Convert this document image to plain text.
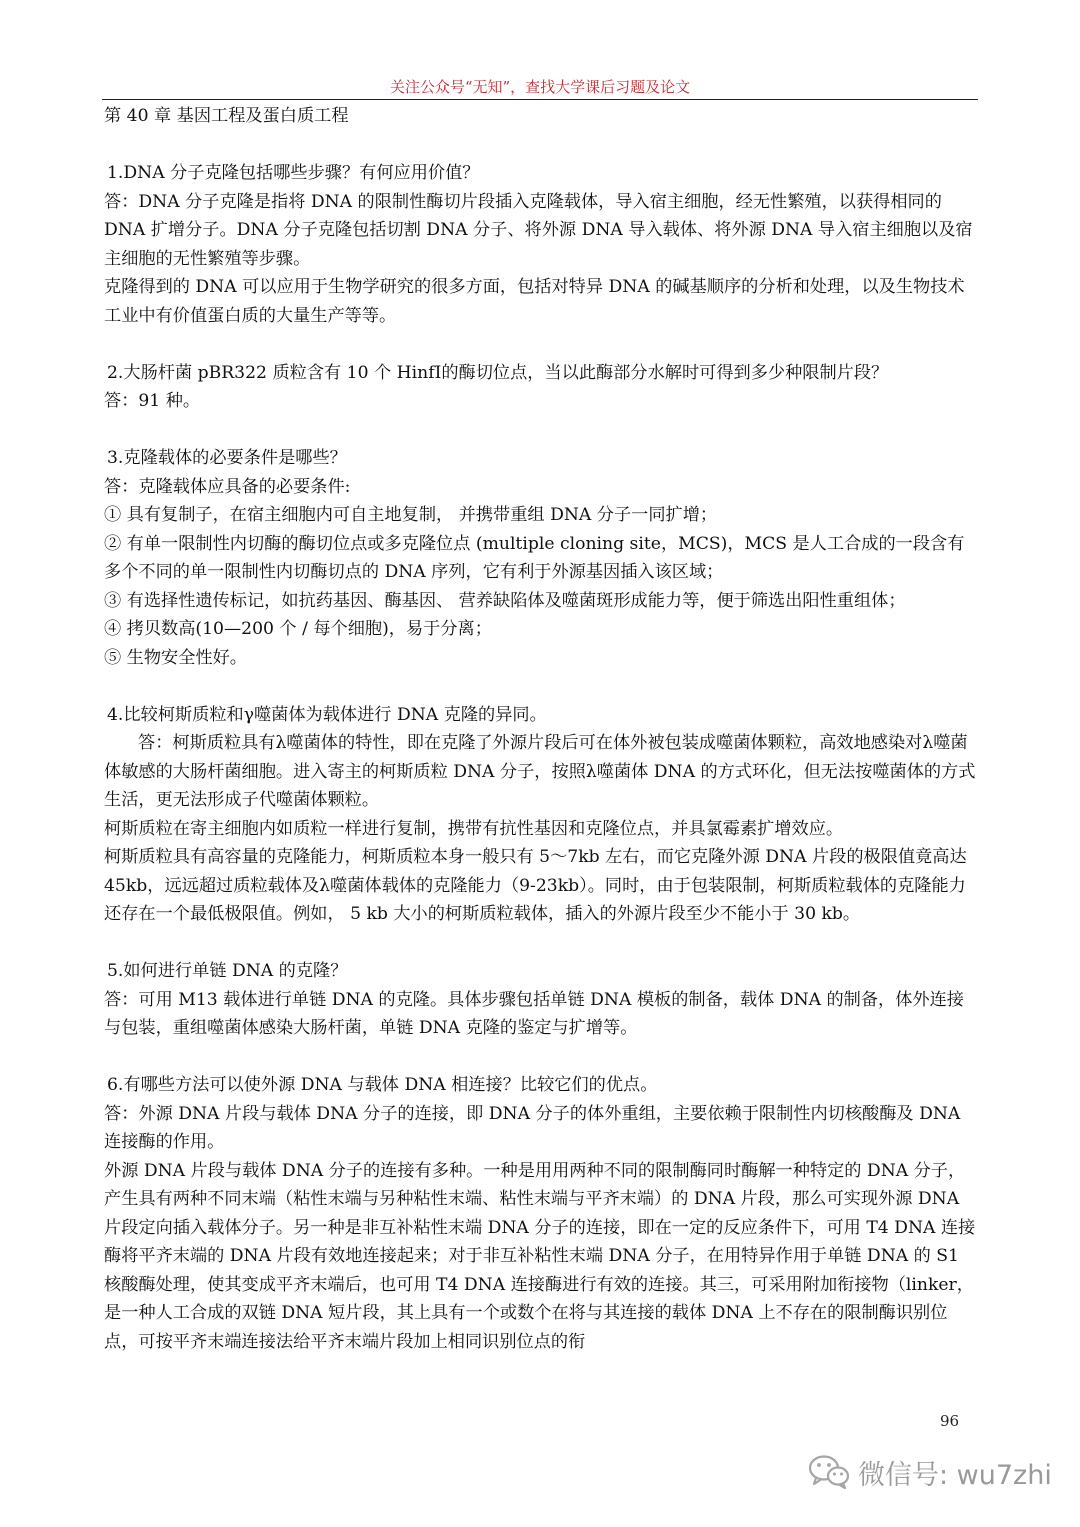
关注公众号“无知”，查找大学课后习题及论文

第 40 章 基因工程及蛋白质工程

1.DNA 分子克隆包括哪些步骤？有何应用价值？

答：DNA 分子克隆是指将 DNA 的限制性酶切片段插入克隆载体，导入宿主细胞，经无性繁殖，以获得相同的 DNA 扩增分子。DNA 分子克隆包括切割 DNA 分子、将外源 DNA 导入载体、将外源 DNA 导入宿主细胞以及宿主细胞的无性繁殖等步骤。

克隆得到的 DNA 可以应用于生物学研究的很多方面，包括对特异 DNA 的碱基顺序的分析和处理，以及生物技术工业中有价值蛋白质的大量生产等等。

2.大肠杆菌 pBR322 质粒含有 10 个 HinfⅠ的酶切位点，当以此酶部分水解时可得到多少种限制片段？

答：91 种。

3.克隆载体的必要条件是哪些？

答：克隆载体应具备的必要条件:

① 具有复制子，在宿主细胞内可自主地复制， 并携带重组 DNA 分子一同扩增；

② 有单一限制性内切酶的酶切位点或多克隆位点 (multiple cloning site，MCS)，MCS 是人工合成的一段含有多个不同的单一限制性内切酶切点的 DNA 序列，它有利于外源基因插入该区域；

③ 有选择性遗传标记，如抗药基因、酶基因、 营养缺陷体及噬菌斑形成能力等，便于筛选出阳性重组体；

④ 拷贝数高(10—200 个 / 每个细胞)，易于分离；

⑤ 生物安全性好。

4.比较柯斯质粒和γ噬菌体为载体进行 DNA 克隆的异同。

答：柯斯质粒具有λ噬菌体的特性，即在克隆了外源片段后可在体外被包装成噬菌体颗粒，高效地感染对λ噬菌体敏感的大肠杆菌细胞。进入寄主的柯斯质粒 DNA 分子，按照λ噬菌体 DNA 的方式环化，但无法按噬菌体的方式生活，更无法形成子代噬菌体颗粒。

柯斯质粒在寄主细胞内如质粒一样进行复制，携带有抗性基因和克隆位点，并具氯霉素扩增效应。

柯斯质粒具有高容量的克隆能力，柯斯质粒本身一般只有 5～7kb 左右，而它克隆外源 DNA 片段的极限值竟高达 45kb，远远超过质粒载体及λ噬菌体载体的克隆能力（9-23kb）。同时，由于包装限制，柯斯质粒载体的克隆能力还存在一个最低极限值。例如， 5 kb 大小的柯斯质粒载体，插入的外源片段至少不能小于 30 kb。

5.如何进行单链 DNA 的克隆？

答：可用 M13 载体进行单链 DNA 的克隆。具体步骤包括单链 DNA 模板的制备，载体 DNA 的制备，体外连接与包装，重组噬菌体感染大肠杆菌，单链 DNA 克隆的鉴定与扩增等。

6.有哪些方法可以使外源 DNA 与载体 DNA 相连接？比较它们的优点。

答：外源 DNA 片段与载体 DNA 分子的连接，即 DNA 分子的体外重组，主要依赖于限制性内切核酸酶及 DNA 连接酶的作用。

外源 DNA 片段与载体 DNA 分子的连接有多种。一种是用用两种不同的限制酶同时酶解一种特定的 DNA 分子，产生具有两种不同末端（粘性末端与另种粘性末端、粘性末端与平齐末端）的 DNA 片段，那么可实现外源 DNA 片段定向插入载体分子。另一种是非互补粘性末端 DNA 分子的连接，即在一定的反应条件下，可用 T4 DNA 连接酶将平齐末端的 DNA 片段有效地连接起来；对于非互补粘性末端 DNA 分子，在用特异作用于单链 DNA 的 S1 核酸酶处理，使其变成平齐末端后，也可用 T4 DNA 连接酶进行有效的连接。其三，可采用附加衔接物（linker，是一种人工合成的双链 DNA 短片段，其上具有一个或数个在将与其连接的载体 DNA 上不存在的限制酶识别位点，可按平齐末端连接法给平齐末端片段加上相同识别位点的衔

96
微信号: wu7zhi
